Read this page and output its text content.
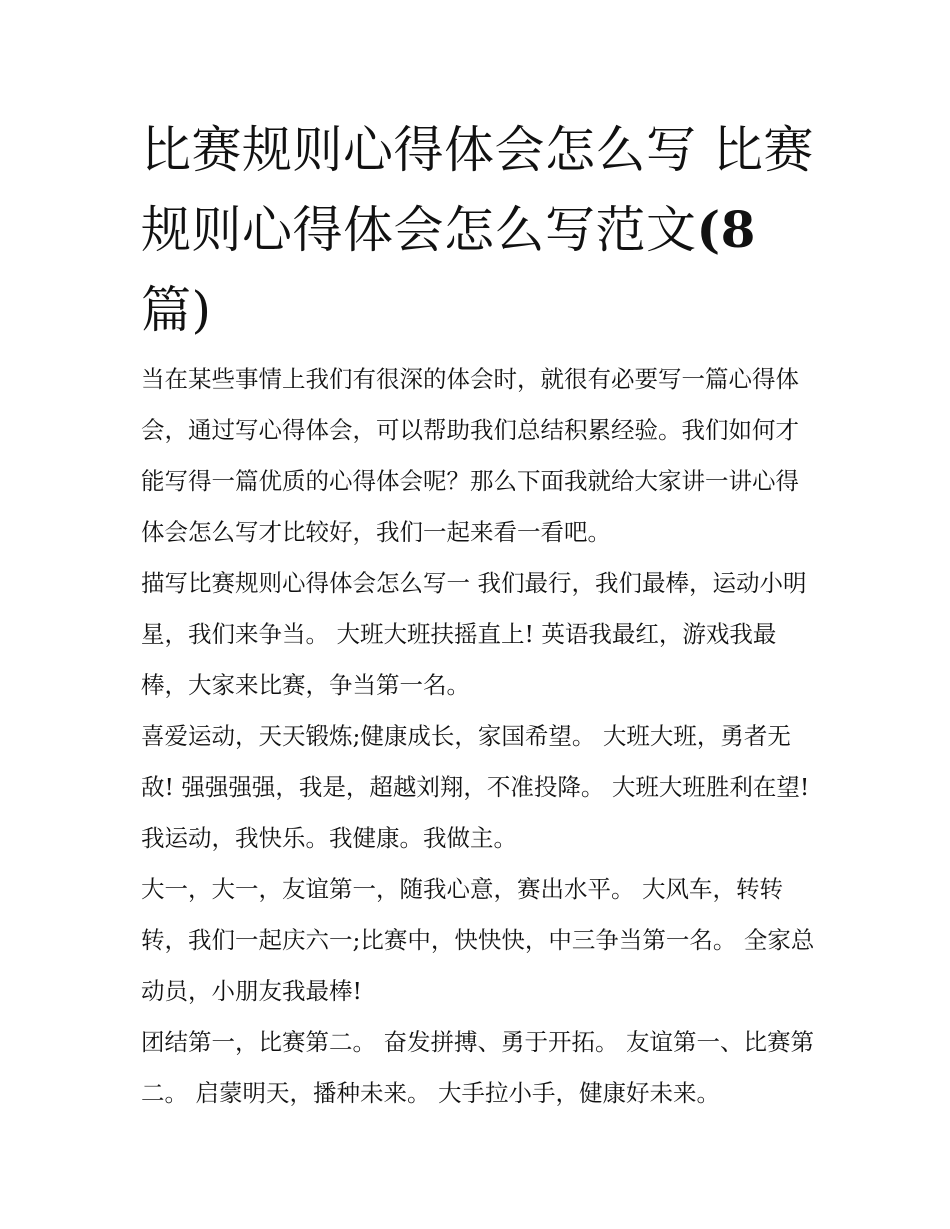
比赛规则心得体会怎么写 比赛规则心得体会怎么写范文(8
篇)

当在某些事情上我们有很深的体会时，就很有必要写一篇心得体会，通过写心得体会，可以帮助我们总结积累经验。我们如何才能写得一篇优质的心得体会呢？那么下面我就给大家讲一讲心得体会怎么写才比较好，我们一起来看一看吧。

描写比赛规则心得体会怎么写一 我们最行，我们最棒，运动小明星，我们来争当。 大班大班扶摇直上! 英语我最红，游戏我最棒，大家来比赛，争当第一名。

喜爱运动，天天锻炼;健康成长，家国希望。 大班大班，勇者无敌! 强强强强，我是，超越刘翔，不准投降。 大班大班胜利在望! 我运动，我快乐。我健康。我做主。

大一，大一，友谊第一，随我心意，赛出水平。 大风车，转转转，我们一起庆六一;比赛中，快快快，中三争当第一名。 全家总动员，小朋友我最棒!

团结第一，比赛第二。 奋发拼搏、勇于开拓。 友谊第一、比赛第二。 启蒙明天，播种未来。 大手拉小手，健康好未来。
